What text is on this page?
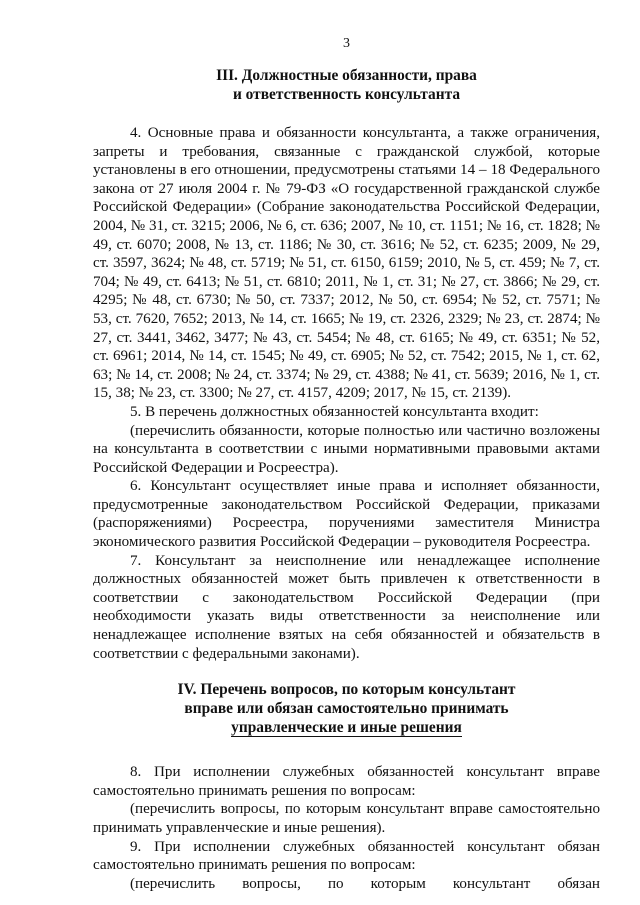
3
III. Должностные обязанности, права
и ответственность консультанта

4. Основные права и обязанности консультанта, а также ограничения, запреты и требования, связанные с гражданской службой, которые установлены в его отношении, предусмотрены статьями 14 – 18 Федерального закона от 27 июля 2004 г. № 79-ФЗ «О государственной гражданской службе Российской Федерации» (Собрание законодательства Российской Федерации, 2004, № 31, ст. 3215; 2006, № 6, ст. 636; 2007, № 10, ст. 1151; № 16, ст. 1828; № 49, ст. 6070; 2008, № 13, ст. 1186; № 30, ст. 3616; № 52, ст. 6235; 2009, № 29, ст. 3597, 3624; № 48, ст. 5719; № 51, ст. 6150, 6159; 2010, № 5, ст. 459; № 7, ст. 704; № 49, ст. 6413; № 51, ст. 6810; 2011, № 1, ст. 31; № 27, ст. 3866; № 29, ст. 4295; № 48, ст. 6730; № 50, ст. 7337; 2012, № 50, ст. 6954; № 52, ст. 7571; № 53, ст. 7620, 7652; 2013, № 14, ст. 1665; № 19, ст. 2326, 2329; № 23, ст. 2874; № 27, ст. 3441, 3462, 3477; № 43, ст. 5454; № 48, ст. 6165; № 49, ст. 6351; № 52, ст. 6961; 2014, № 14, ст. 1545; № 49, ст. 6905; № 52, ст. 7542; 2015, № 1, ст. 62, 63; № 14, ст. 2008; № 24, ст. 3374; № 29, ст. 4388; № 41, ст. 5639; 2016, № 1, ст. 15, 38; № 23, ст. 3300; № 27, ст. 4157, 4209; 2017, № 15, ст. 2139).

5. В перечень должностных обязанностей консультанта входит:

(перечислить обязанности, которые полностью или частично возложены на консультанта в соответствии с иными нормативными правовыми актами Российской Федерации и Росреестра).

6. Консультант осуществляет иные права и исполняет обязанности, предусмотренные законодательством Российской Федерации, приказами (распоряжениями) Росреестра, поручениями заместителя Министра экономического развития Российской Федерации – руководителя Росреестра.

7. Консультант за неисполнение или ненадлежащее исполнение должностных обязанностей может быть привлечен к ответственности в соответствии с законодательством Российской Федерации (при необходимости указать виды ответственности за неисполнение или ненадлежащее исполнение взятых на себя обязанностей и обязательств в соответствии с федеральными законами).

IV. Перечень вопросов, по которым консультант
вправе или обязан самостоятельно принимать
управленческие и иные решения

8. При исполнении служебных обязанностей консультант вправе самостоятельно принимать решения по вопросам:

(перечислить вопросы, по которым консультант вправе самостоятельно принимать управленческие и иные решения).

9. При исполнении служебных обязанностей консультант обязан самостоятельно принимать решения по вопросам:

(перечислить вопросы, по которым консультант обязан
